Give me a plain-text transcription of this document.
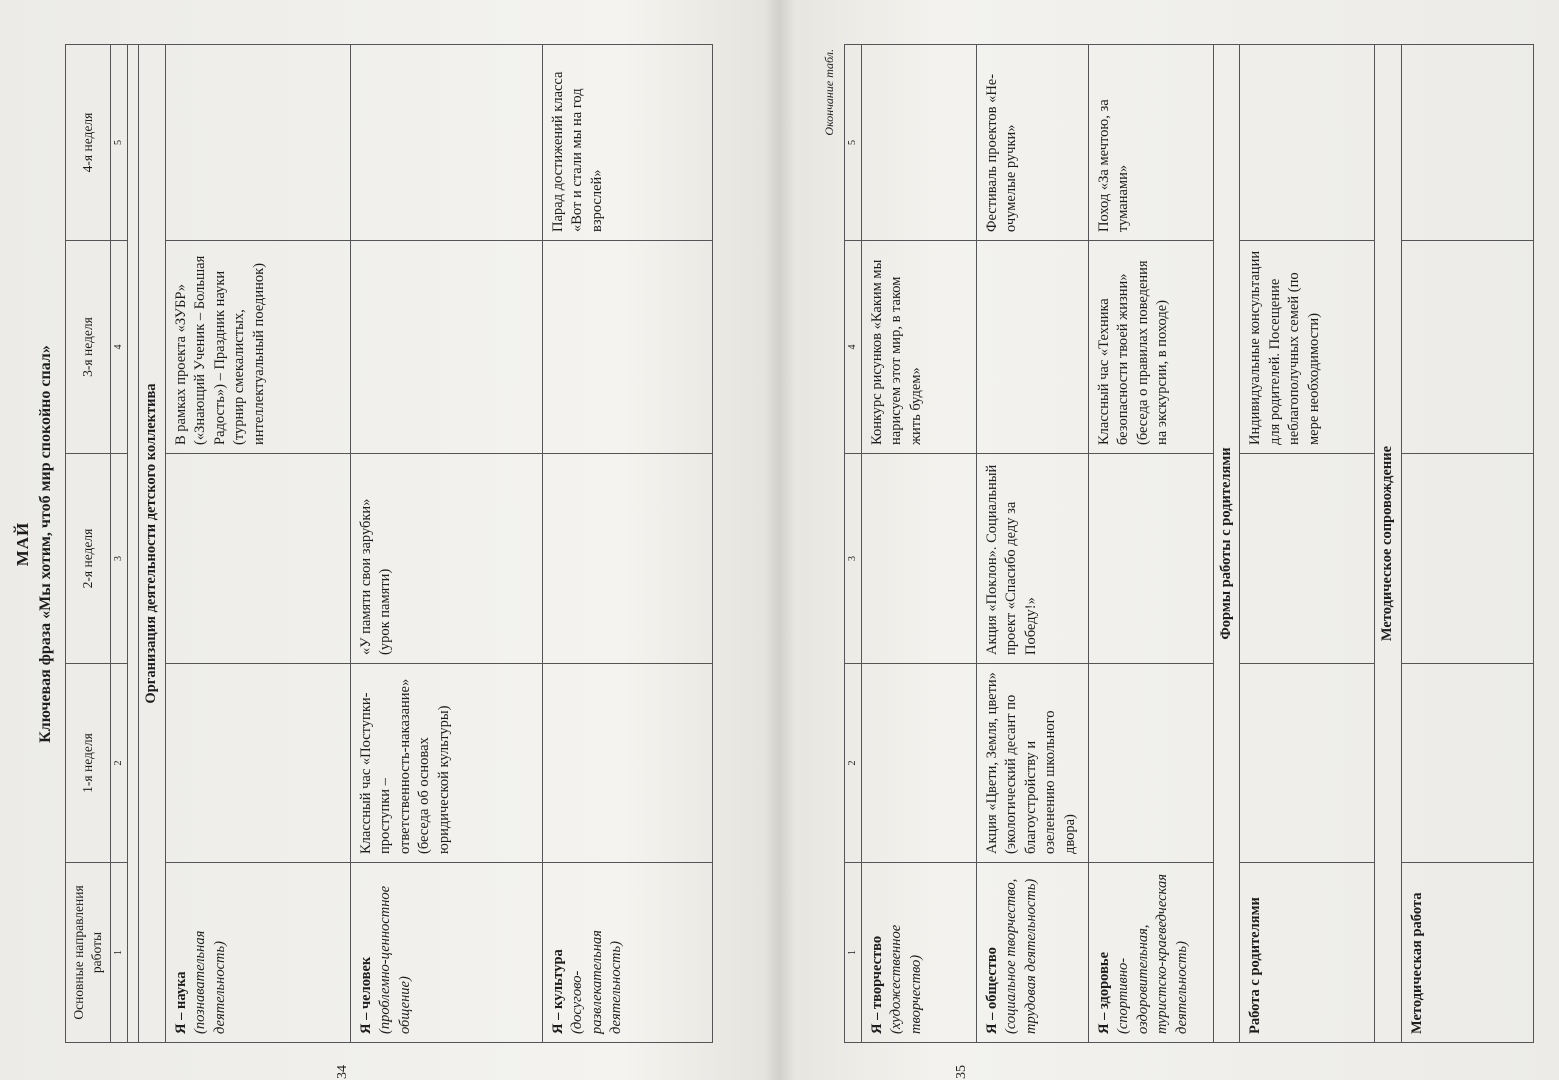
МАЙ Ключевая фраза «Мы хотим, чтоб мир спокойно спал»
34
Основные направления работы	1-я неделя	2-я неделя	3-я неделя	4-я неделя
1	2	3	4	5

Организация деятельности детского коллектива				

Я – наука (познавательная деятельность)			В рамках проекта «ЗУБР» («Знающий Ученик – Большая Радость») – Праздник науки (турнир смекалистых, интеллектуальный поединок)	

Я – человек (проблемно-ценностное общение)	Классный час «Поступки-проступки – ответственность-наказание» (беседа об основах юридической культуры)	«У памяти свои зарубки» (урок памяти)		

Я – культура (досугово-развлекательная деятельность)				Парад достижений класса «Вот и стали мы на год взрослей»
Окончание табл.
35
1	2	3	4	5

Я – творчество (художественное творчество)			Конкурс рисунков «Каким мы нарисуем этот мир, в таком жить будем»	

Я – общество (социальное творчество, трудовая деятельность)	Акция «Цвети, Земля, цвети» (экологический десант по благоустройству и озеленению школьного двора)	Акция «Поклон». Социальный проект «Спасибо деду за Победу!»		Фестиваль проектов «Не-очумелые ручки»

Я – здоровье (спортивно-оздоровительная, туристско-краеведческая деятельность)			Классный час «Техника безопасности твоей жизни» (беседа о правилах поведения на экскурсии, в походе)	Поход «За мечтою, за туманами»
Формы работы с родителями				

Работа с родителями			Индивидуальные консультации для родителей. Посещение неблагополучных семей (по мере необходимости)	
Методическое сопровождение				

Методическая работа				
